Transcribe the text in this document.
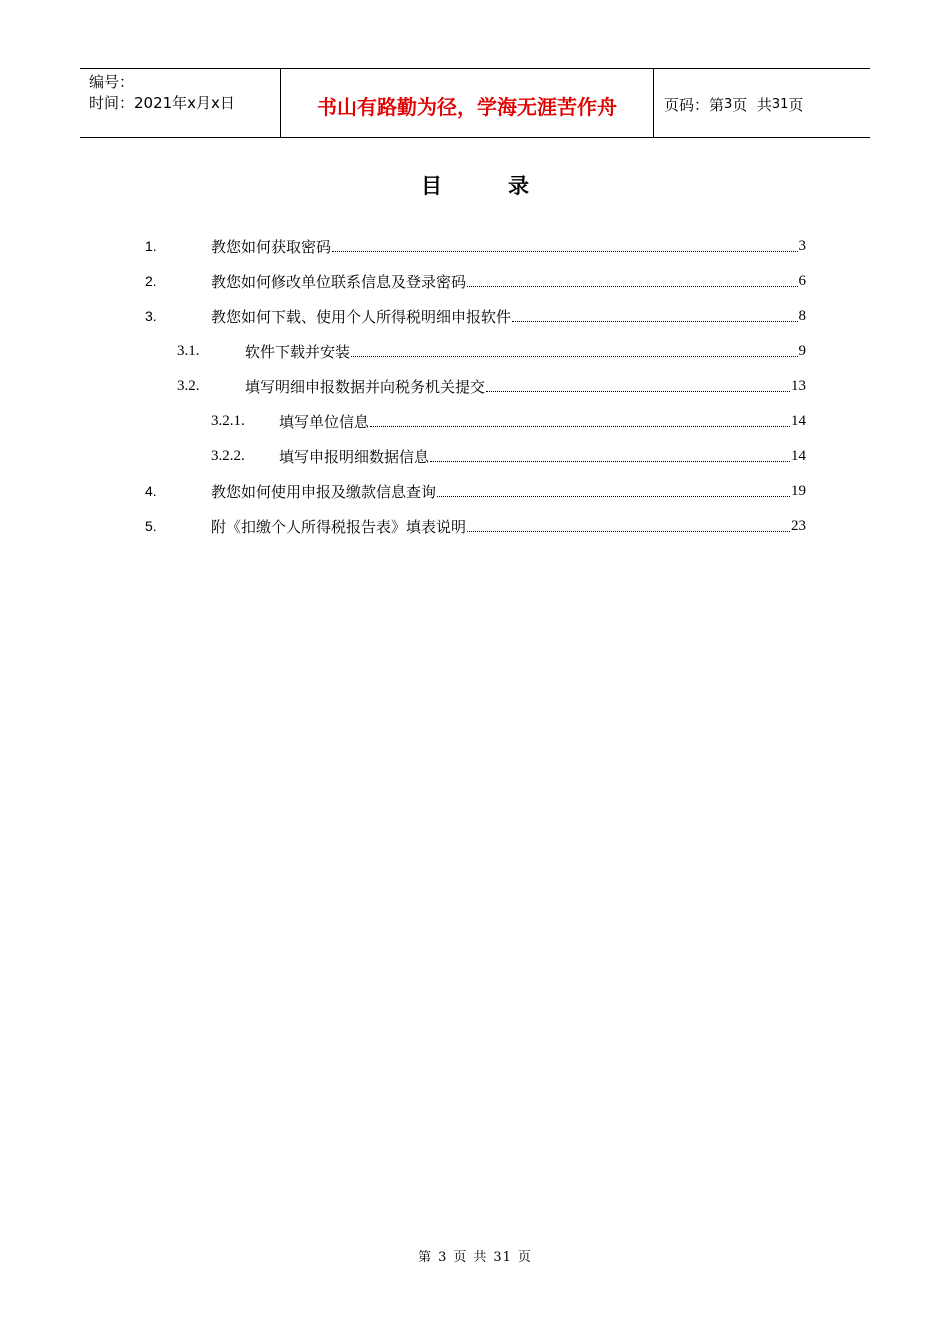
编号：
时间：2021年x月x日	书山有路勤为径，学海无涯苦作舟	页码：第 3 页  共 31 页
目	录
1.	教您如何获取密码	3
2.	教您如何修改单位联系信息及登录密码	6
3.	教您如何下载、使用个人所得税明细申报软件	8
3.1.	软件下载并安装	9
3.2.	填写明细申报数据并向税务机关提交	13
3.2.1.	填写单位信息	14
3.2.2.	填写申报明细数据信息	14
4.	教您如何使用申报及缴款信息查询	19
5.	附《扣缴个人所得税报告表》填表说明	23
第 3 页 共 31 页
